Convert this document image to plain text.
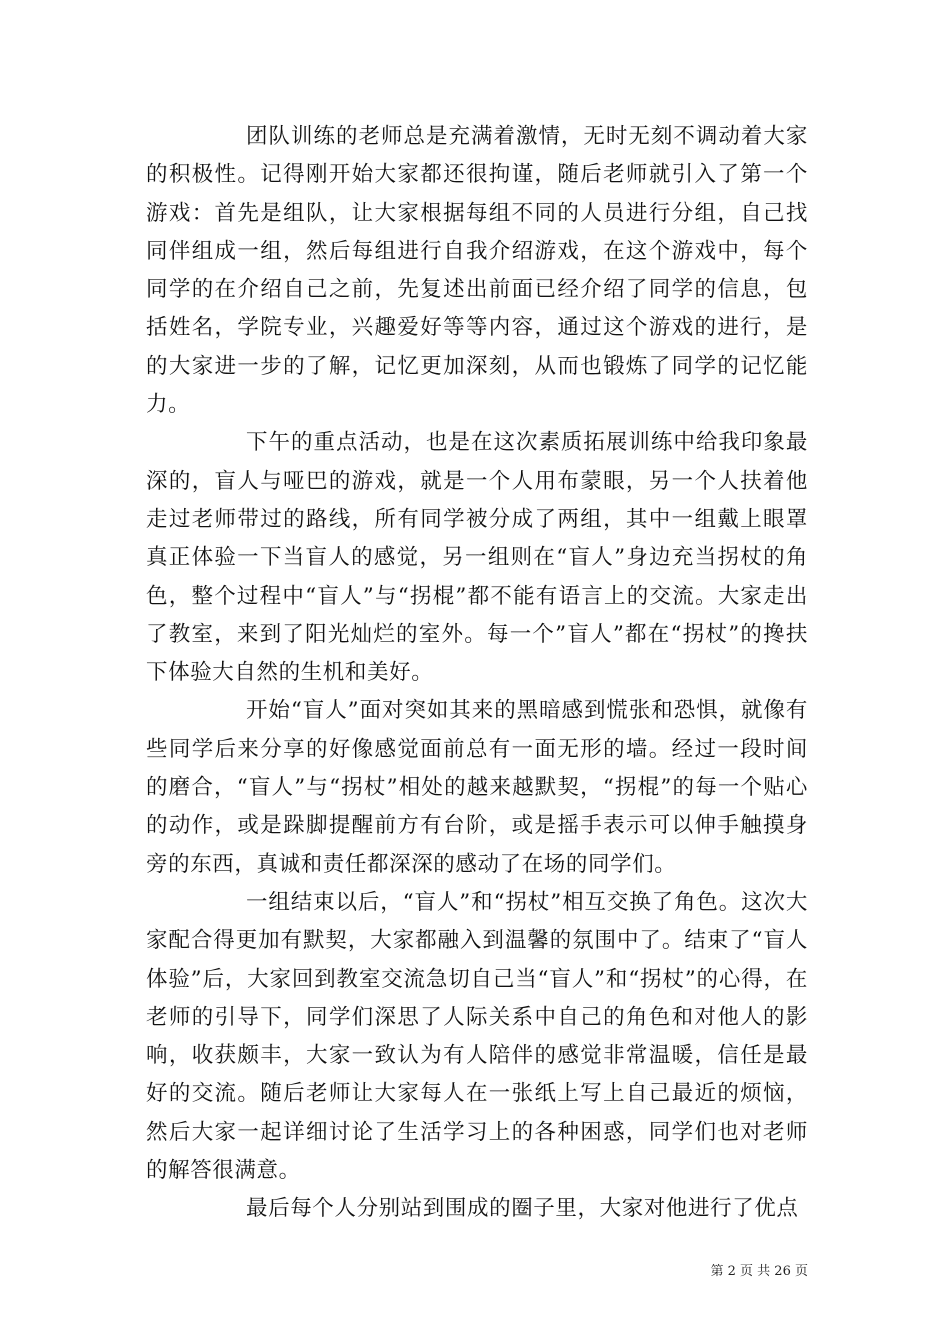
团队训练的老师总是充满着激情，无时无刻不调动着大家的积极性。记得刚开始大家都还很拘谨，随后老师就引入了第一个游戏：首先是组队，让大家根据每组不同的人员进行分组，自己找同伴组成一组，然后每组进行自我介绍游戏，在这个游戏中，每个同学的在介绍自己之前，先复述出前面已经介绍了同学的信息，包括姓名，学院专业，兴趣爱好等等内容，通过这个游戏的进行，是的大家进一步的了解，记忆更加深刻，从而也锻炼了同学的记忆能力。

下午的重点活动，也是在这次素质拓展训练中给我印象最深的，盲人与哑巴的游戏，就是一个人用布蒙眼，另一个人扶着他走过老师带过的路线，所有同学被分成了两组，其中一组戴上眼罩真正体验一下当盲人的感觉，另一组则在“盲人”身边充当拐杖的角色，整个过程中“盲人”与“拐棍”都不能有语言上的交流。大家走出了教室，来到了阳光灿烂的室外。每一个”盲人”都在“拐杖”的搀扶下体验大自然的生机和美好。

开始“盲人”面对突如其来的黑暗感到慌张和恐惧，就像有些同学后来分享的好像感觉面前总有一面无形的墙。经过一段时间的磨合，“盲人”与“拐杖”相处的越来越默契，“拐棍”的每一个贴心的动作，或是跺脚提醒前方有台阶，或是摇手表示可以伸手触摸身旁的东西，真诚和责任都深深的感动了在场的同学们。

一组结束以后，“盲人”和“拐杖”相互交换了角色。这次大家配合得更加有默契，大家都融入到温馨的氛围中了。结束了“盲人体验”后，大家回到教室交流急切自己当“盲人”和“拐杖”的心得，在老师的引导下，同学们深思了人际关系中自己的角色和对他人的影响，收获颇丰，大家一致认为有人陪伴的感觉非常温暖，信任是最好的交流。随后老师让大家每人在一张纸上写上自己最近的烦恼，然后大家一起详细讨论了生活学习上的各种困惑，同学们也对老师的解答很满意。

最后每个人分别站到围成的圈子里，大家对他进行了优点

第 2 页 共 26 页
